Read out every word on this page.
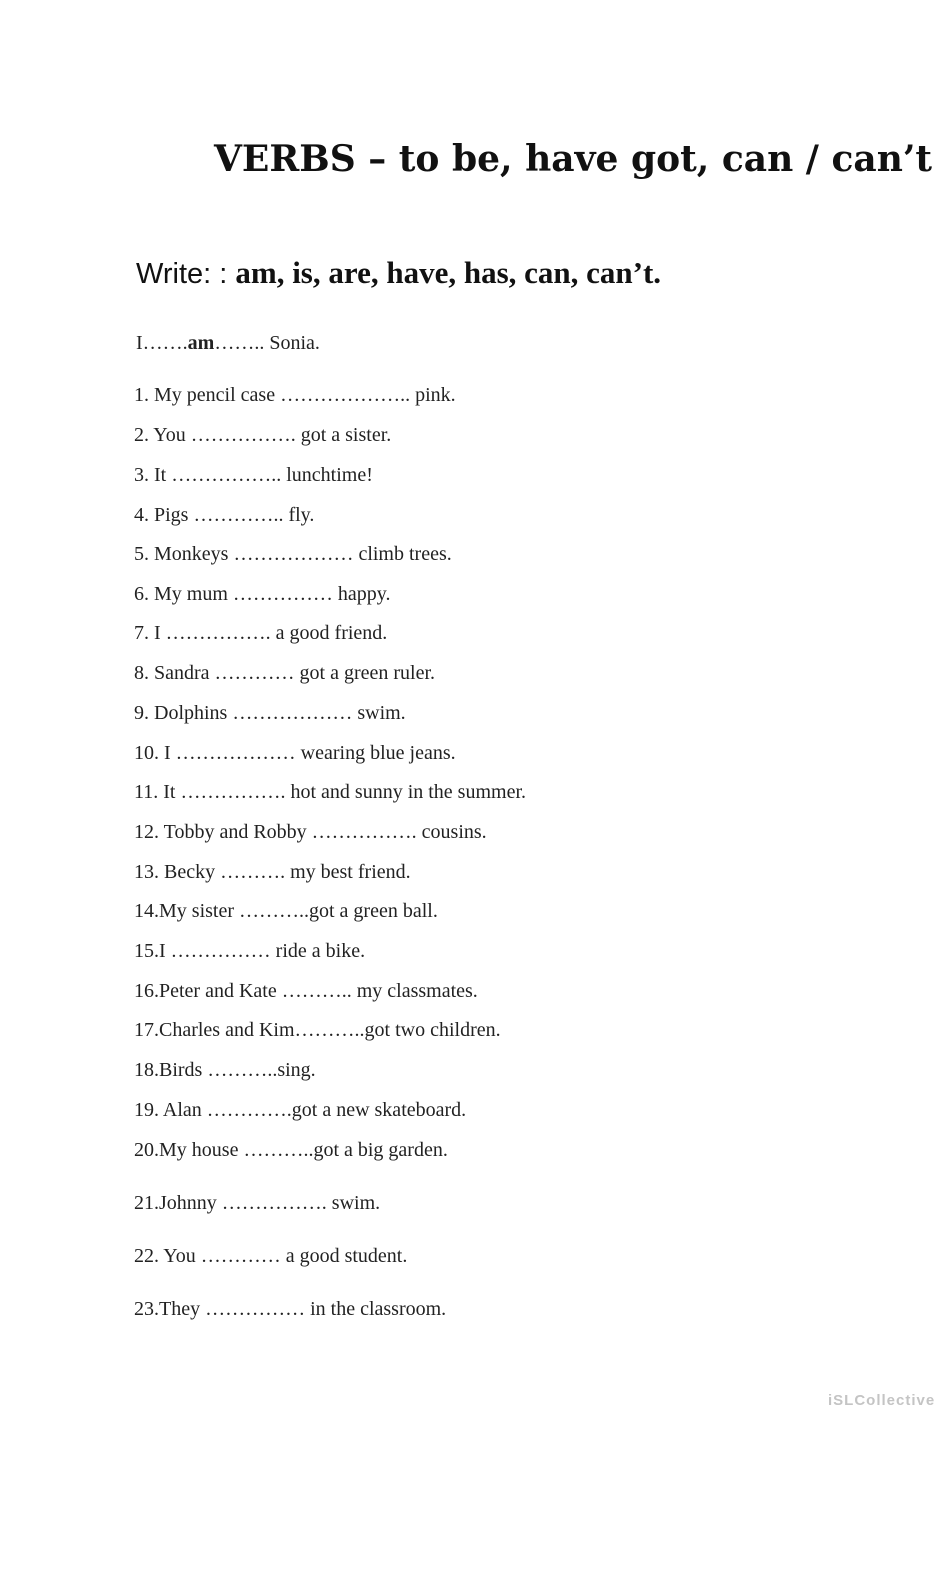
VERBS – to be, have got, can / can’t
Write: : am, is, are, have, has, can, can’t.
I…….am…….. Sonia.
1. My pencil case ……………….. pink.
2. You ……………. got a sister.
3. It …………….. lunchtime!
4. Pigs ………….. fly.
5. Monkeys ……………… climb trees.
6. My mum …………… happy.
7. I ……………. a good friend.
8. Sandra ………… got a green ruler.
9. Dolphins ……………… swim.
10. I ……………… wearing blue jeans.
11. It ……………. hot and sunny in the summer.
12. Tobby and Robby ……………. cousins.
13. Becky ………. my best friend.
14.My sister ………..got a green ball.
15.I …………… ride a bike.
16.Peter and Kate ……….. my classmates.
17.Charles and Kim………..got two children.
18.Birds ………..sing.
19. Alan ………….got a new skateboard.
20.My house ………..got a big garden.
21.Johnny ……………. swim.
22. You ………… a good student.
23.They …………… in the classroom.
iSLCollective
